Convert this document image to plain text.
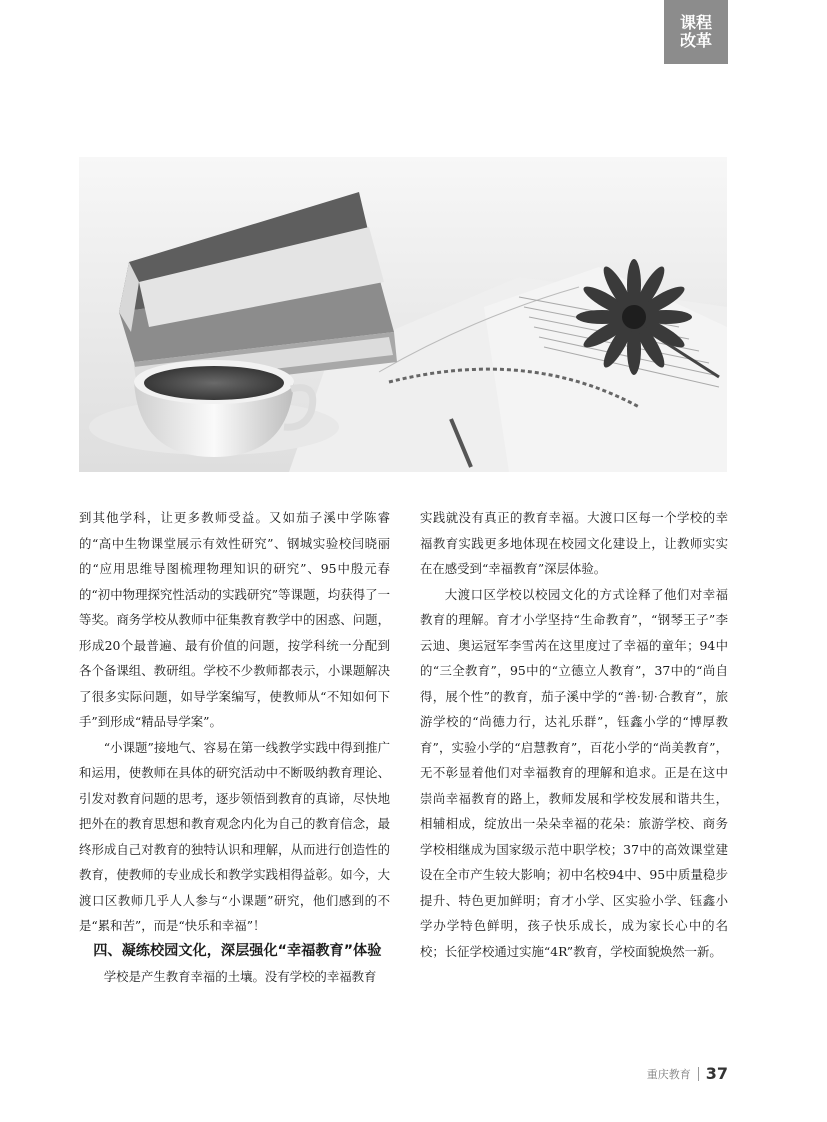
课程
改革

到其他学科，让更多教师受益。又如茄子溪中学陈睿的“高中生物课堂展示有效性研究”、钢城实验校闫晓丽的“应用思维导图梳理物理知识的研究”、95中殷元春的“初中物理探究性活动的实践研究”等课题，均获得了一等奖。商务学校从教师中征集教育教学中的困惑、问题，形成20个最普遍、最有价值的问题，按学科统一分配到各个备课组、教研组。学校不少教师都表示，小课题解决了很多实际问题，如导学案编写，使教师从“不知如何下手”到形成“精品导学案”。

“小课题”接地气、容易在第一线教学实践中得到推广和运用，使教师在具体的研究活动中不断吸纳教育理论、引发对教育问题的思考，逐步领悟到教育的真谛，尽快地把外在的教育思想和教育观念内化为自己的教育信念，最终形成自己对教育的独特认识和理解，从而进行创造性的教育，使教师的专业成长和教学实践相得益彰。如今，大渡口区教师几乎人人参与“小课题”研究，他们感到的不是“累和苦”，而是“快乐和幸福”！

四、凝练校园文化，深层强化“幸福教育”体验

学校是产生教育幸福的土壤。没有学校的幸福教育

实践就没有真正的教育幸福。大渡口区每一个学校的幸福教育实践更多地体现在校园文化建设上，让教师实实在在感受到“幸福教育”深层体验。

大渡口区学校以校园文化的方式诠释了他们对幸福教育的理解。育才小学坚持“生命教育”，“钢琴王子”李云迪、奥运冠军李雪芮在这里度过了幸福的童年；94中的“三全教育”，95中的“立德立人教育”，37中的“尚自得，展个性”的教育，茄子溪中学的“善·韧·合教育”，旅游学校的“尚德力行，达礼乐群”，钰鑫小学的“博厚教育”，实验小学的“启慧教育”，百花小学的“尚美教育”，无不彰显着他们对幸福教育的理解和追求。正是在这中崇尚幸福教育的路上，教师发展和学校发展和谐共生，相辅相成，绽放出一朵朵幸福的花朵：旅游学校、商务学校相继成为国家级示范中职学校；37中的高效课堂建设在全市产生较大影响；初中名校94中、95中质量稳步提升、特色更加鲜明；育才小学、区实验小学、钰鑫小学办学特色鲜明，孩子快乐成长，成为家长心中的名校；长征学校通过实施“4R”教育，学校面貌焕然一新。

重庆教育 37
